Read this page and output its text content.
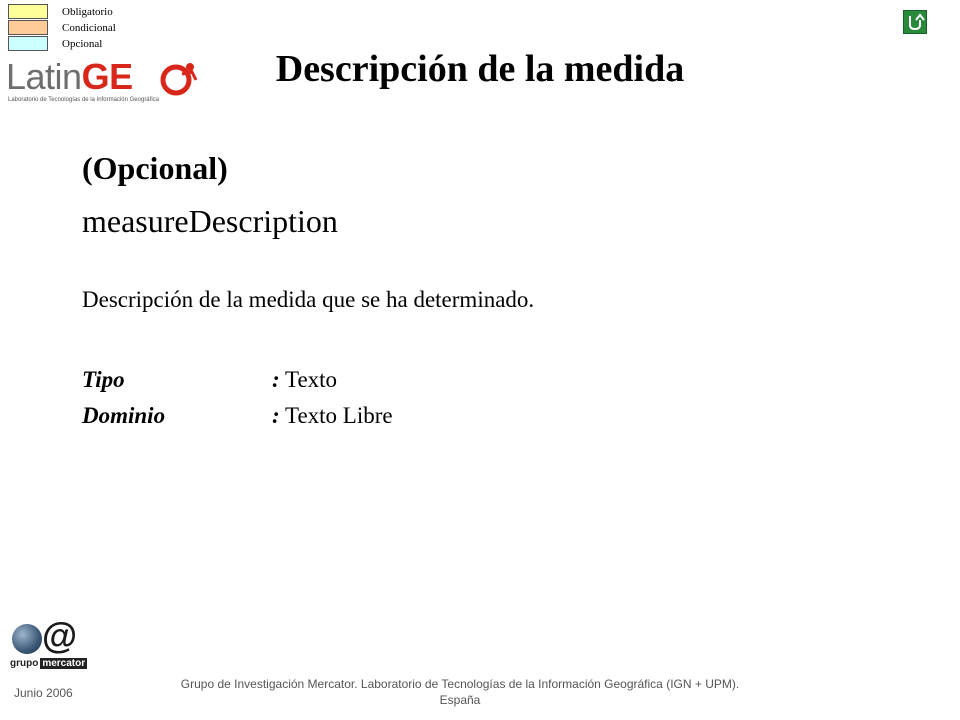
Obligatorio
Condicional
Opcional
LatinGE
Laboratorio de Tecnologías de la Información Geográfica
Descripción de la medida
(Opcional)
measureDescription
Descripción de la medida que se ha determinado.
Tipo	: Texto
Dominio	: Texto Libre
@
grupo mercator
Junio 2006
Grupo de Investigación Mercator. Laboratorio de Tecnologías de la Información Geográfica (IGN + UPM).
España
